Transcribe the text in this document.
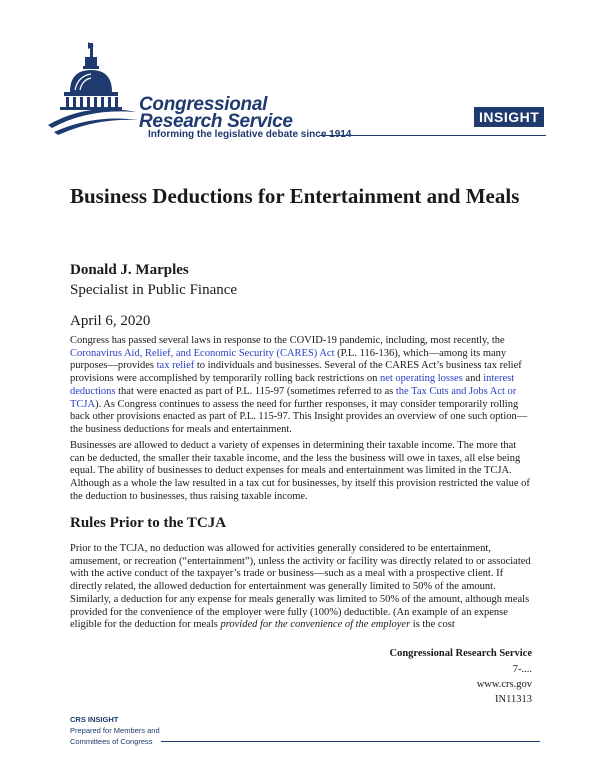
Congressional
Research Service
Informing the legislative debate since 1914
INSIGHT
Business Deductions for Entertainment and Meals
Donald J. Marples
Specialist in Public Finance
April 6, 2020

Congress has passed several laws in response to the COVID-19 pandemic, including, most recently, the Coronavirus Aid, Relief, and Economic Security (CARES) Act (P.L. 116-136), which—among its many purposes—provides tax relief to individuals and businesses. Several of the CARES Act’s business tax relief provisions were accomplished by temporarily rolling back restrictions on net operating losses and interest deductions that were enacted as part of P.L. 115-97 (sometimes referred to as the Tax Cuts and Jobs Act or TCJA). As Congress continues to assess the need for further responses, it may consider temporarily rolling back other provisions enacted as part of P.L. 115-97. This Insight provides an overview of one such option—the business deductions for meals and entertainment.

Businesses are allowed to deduct a variety of expenses in determining their taxable income. The more that can be deducted, the smaller their taxable income, and the less the business will owe in taxes, all else being equal. The ability of businesses to deduct expenses for meals and entertainment was limited in the TCJA. Although as a whole the law resulted in a tax cut for businesses, by itself this provision restricted the value of the deduction to businesses, thus raising taxable income.

Rules Prior to the TCJA

Prior to the TCJA, no deduction was allowed for activities generally considered to be entertainment, amusement, or recreation (“entertainment”), unless the activity or facility was directly related to or associated with the active conduct of the taxpayer’s trade or business—such as a meal with a prospective client. If directly related, the allowed deduction for entertainment was generally limited to 50% of the amount. Similarly, a deduction for any expense for meals generally was limited to 50% of the amount, although meals provided for the convenience of the employer were fully (100%) deductible. (An example of an expense eligible for the deduction for meals provided for the convenience of the employer is the cost

Congressional Research Service
7-....
www.crs.gov
IN11313
CRS INSIGHT
Prepared for Members and
Committees of Congress
